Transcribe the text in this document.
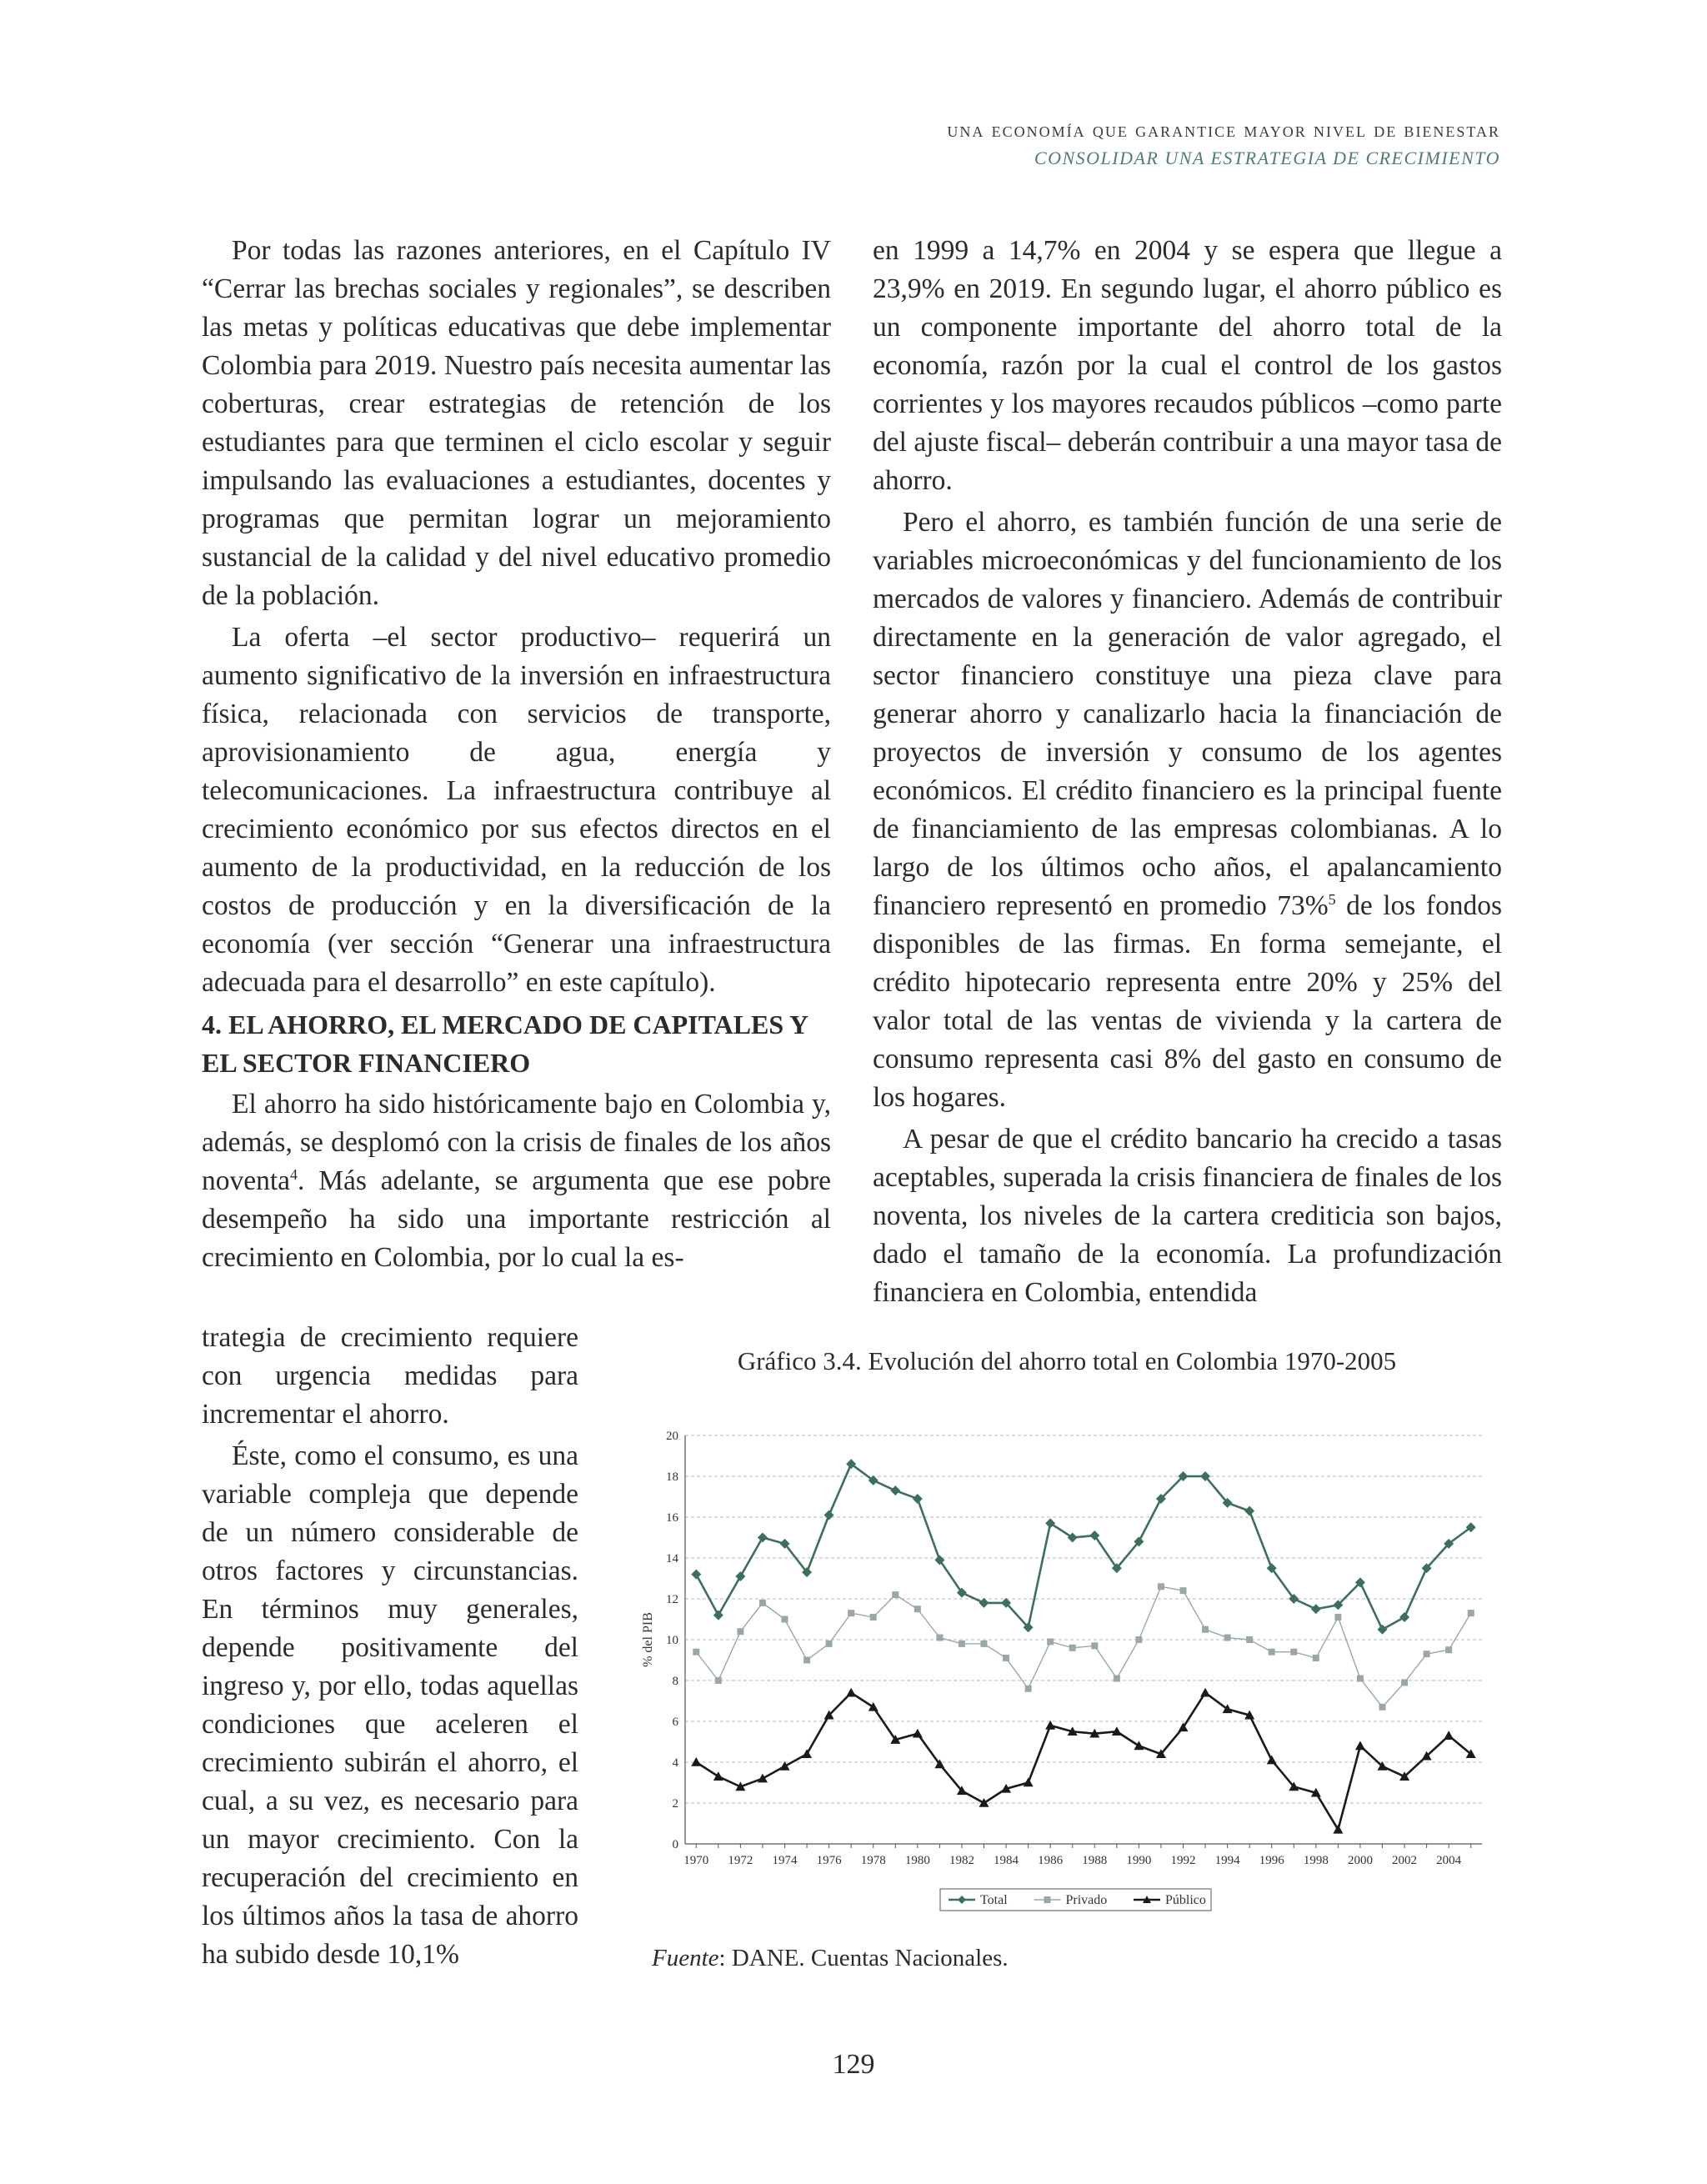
una economía que garantice mayor nivel de bienestar
CONSOLIDAR UNA ESTRATEGIA DE CRECIMIENTO

Por todas las razones anteriores, en el Capítulo IV “Cerrar las brechas sociales y regionales”, se describen las metas y políticas educativas que debe implementar Colombia para 2019. Nuestro país necesita aumentar las coberturas, crear estrategias de retención de los estudiantes para que terminen el ciclo escolar y seguir impulsando las evaluaciones a estudiantes, docentes y programas que permitan lograr un mejoramiento sustancial de la calidad y del nivel educativo promedio de la población.

La oferta –el sector productivo– requerirá un aumento significativo de la inversión en infraestructura física, relacionada con servicios de transporte, aprovisionamiento de agua, energía y telecomunicaciones. La infraestructura contribuye al crecimiento económico por sus efectos directos en el aumento de la productividad, en la reducción de los costos de producción y en la diversificación de la economía (ver sección “Generar una infraestructura adecuada para el desarrollo” en este capítulo).

4. EL AHORRO, EL MERCADO DE CAPITALES Y EL SECTOR FINANCIERO

El ahorro ha sido históricamente bajo en Colombia y, además, se desplomó con la crisis de finales de los años noventa$^4$. Más adelante, se argumenta que ese pobre desempeño ha sido una importante restricción al crecimiento en Colombia, por lo cual la es-

trategia de crecimiento requiere con urgencia medidas para incrementar el ahorro.

Éste, como el consumo, es una variable compleja que depende de un número considerable de otros factores y circunstancias. En términos muy generales, depende positivamente del ingreso y, por ello, todas aquellas condiciones que aceleren el crecimiento subirán el ahorro, el cual, a su vez, es necesario para un mayor crecimiento. Con la recuperación del crecimiento en los últimos años la tasa de ahorro ha subido desde 10,1%

en 1999 a 14,7% en 2004 y se espera que llegue a 23,9% en 2019. En segundo lugar, el ahorro público es un componente importante del ahorro total de la economía, razón por la cual el control de los gastos corrientes y los mayores recaudos públicos –como parte del ajuste fiscal– deberán contribuir a una mayor tasa de ahorro.

Pero el ahorro, es también función de una serie de variables microeconómicas y del funcionamiento de los mercados de valores y financiero. Además de contribuir directamente en la generación de valor agregado, el sector financiero constituye una pieza clave para generar ahorro y canalizarlo hacia la financiación de proyectos de inversión y consumo de los agentes económicos. El crédito financiero es la principal fuente de financiamiento de las empresas colombianas. A lo largo de los últimos ocho años, el apalancamiento financiero representó en promedio 73%$^5$ de los fondos disponibles de las firmas. En forma semejante, el crédito hipotecario representa entre 20% y 25% del valor total de las ventas de vivienda y la cartera de consumo representa casi 8% del gasto en consumo de los hogares.

A pesar de que el crédito bancario ha crecido a tasas aceptables, superada la crisis financiera de finales de los noventa, los niveles de la cartera crediticia son bajos, dado el tamaño de la economía. La profundización financiera en Colombia, entendida

Gráfico 3.4. Evolución del ahorro total en Colombia 1970-2005
0
2
4
6
8
10
12
14
16
18
20
1970 1972 1974 1976 1978 1980 1982 1984 1986 1988 1990 1992 1994 1996 1998 2000 2002 2004
% del PIB
Total	Privado	Público
Fuente: DANE. Cuentas Nacionales.
129
